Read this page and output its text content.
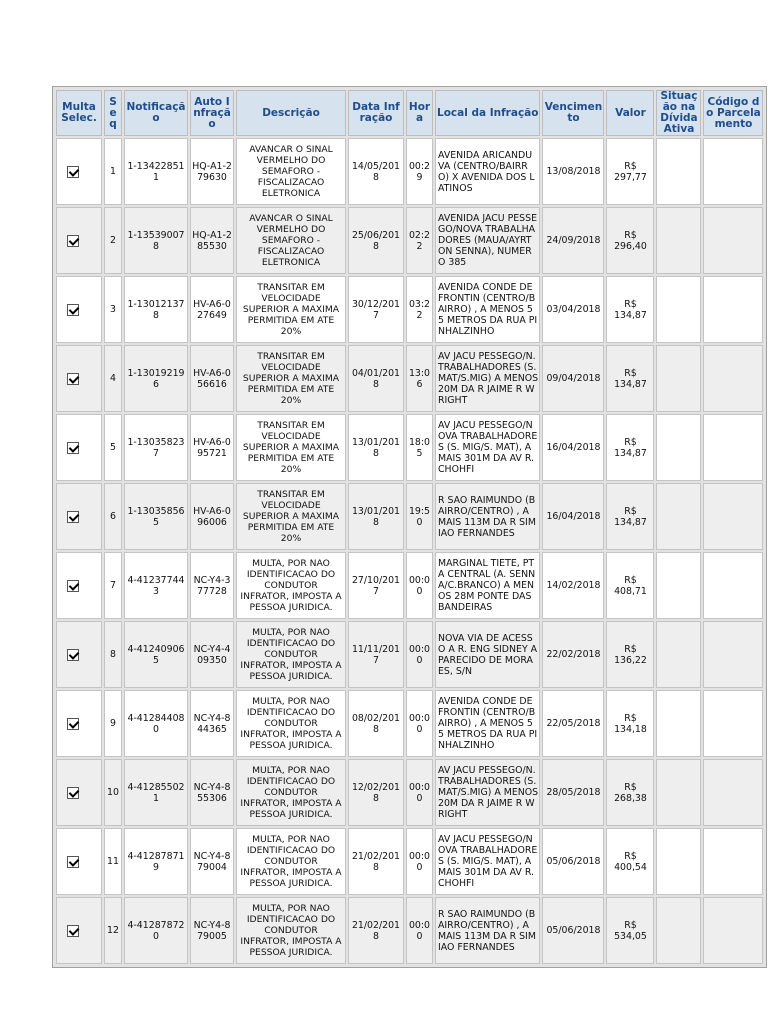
Multa Selec.	Seq	Notificação	Auto Infração	Descrição	Data Infração	Hora	Local da Infração	Vencimento	Valor	Situação na Dívida Ativa	Código do Parcelamento
	1	1-134228511	HQ-A1-279630	AVANCAR O SINAL VERMELHO DO SEMAFORO - FISCALIZACAO ELETRONICA	14/05/2018	00:29	AVENIDA ARICANDUVA (CENTRO/BAIRRO) X AVENIDA DOS LATINOS	13/08/2018	R$ 297,77		
	2	1-135390078	HQ-A1-285530	AVANCAR O SINAL VERMELHO DO SEMAFORO - FISCALIZACAO ELETRONICA	25/06/2018	02:22	AVENIDA JACU PESSEGO/NOVA TRABALHADORES (MAUA/AYRTON SENNA), NUMERO 385	24/09/2018	R$ 296,40		
	3	1-130121378	HV-A6-027649	TRANSITAR EM VELOCIDADE SUPERIOR A MAXIMA PERMITIDA EM ATE 20%	30/12/2017	03:22	AVENIDA CONDE DE FRONTIN (CENTRO/BAIRRO) , A MENOS 55 METROS DA RUA PINHALZINHO	03/04/2018	R$ 134,87		
	4	1-130192196	HV-A6-056616	TRANSITAR EM VELOCIDADE SUPERIOR A MAXIMA PERMITIDA EM ATE 20%	04/01/2018	13:06	AV JACU PESSEGO/N. TRABALHADORES (S. MAT/S.MIG) A MENOS 20M DA R JAIME R WRIGHT	09/04/2018	R$ 134,87		
	5	1-130358237	HV-A6-095721	TRANSITAR EM VELOCIDADE SUPERIOR A MAXIMA PERMITIDA EM ATE 20%	13/01/2018	18:05	AV JACU PESSEGO/NOVA TRABALHADORES (S. MIG/S. MAT), A MAIS 301M DA AV R. CHOHFI	16/04/2018	R$ 134,87		
	6	1-130358565	HV-A6-096006	TRANSITAR EM VELOCIDADE SUPERIOR A MAXIMA PERMITIDA EM ATE 20%	13/01/2018	19:50	R SAO RAIMUNDO (BAIRRO/CENTRO) , A MAIS 113M DA R SIMIAO FERNANDES	16/04/2018	R$ 134,87		
	7	4-412377443	NC-Y4-377728	MULTA, POR NAO IDENTIFICACAO DO CONDUTOR INFRATOR, IMPOSTA A PESSOA JURIDICA.	27/10/2017	00:00	MARGINAL TIETE, PTA CENTRAL (A. SENNA/C.BRANCO) A MENOS 28M PONTE DAS BANDEIRAS	14/02/2018	R$ 408,71		
	8	4-412409065	NC-Y4-409350	MULTA, POR NAO IDENTIFICACAO DO CONDUTOR INFRATOR, IMPOSTA A PESSOA JURIDICA.	11/11/2017	00:00	NOVA VIA DE ACESSO A R. ENG SIDNEY APARECIDO DE MORAES, S/N	22/02/2018	R$ 136,22		
	9	4-412844080	NC-Y4-844365	MULTA, POR NAO IDENTIFICACAO DO CONDUTOR INFRATOR, IMPOSTA A PESSOA JURIDICA.	08/02/2018	00:00	AVENIDA CONDE DE FRONTIN (CENTRO/BAIRRO) , A MENOS 55 METROS DA RUA PINHALZINHO	22/05/2018	R$ 134,18		
	10	4-412855021	NC-Y4-855306	MULTA, POR NAO IDENTIFICACAO DO CONDUTOR INFRATOR, IMPOSTA A PESSOA JURIDICA.	12/02/2018	00:00	AV JACU PESSEGO/N. TRABALHADORES (S. MAT/S.MIG) A MENOS 20M DA R JAIME R WRIGHT	28/05/2018	R$ 268,38		
	11	4-412878719	NC-Y4-879004	MULTA, POR NAO IDENTIFICACAO DO CONDUTOR INFRATOR, IMPOSTA A PESSOA JURIDICA.	21/02/2018	00:00	AV JACU PESSEGO/NOVA TRABALHADORES (S. MIG/S. MAT), A MAIS 301M DA AV R. CHOHFI	05/06/2018	R$ 400,54		
	12	4-412878720	NC-Y4-879005	MULTA, POR NAO IDENTIFICACAO DO CONDUTOR INFRATOR, IMPOSTA A PESSOA JURIDICA.	21/02/2018	00:00	R SAO RAIMUNDO (BAIRRO/CENTRO) , A MAIS 113M DA R SIMIAO FERNANDES	05/06/2018	R$ 534,05		
